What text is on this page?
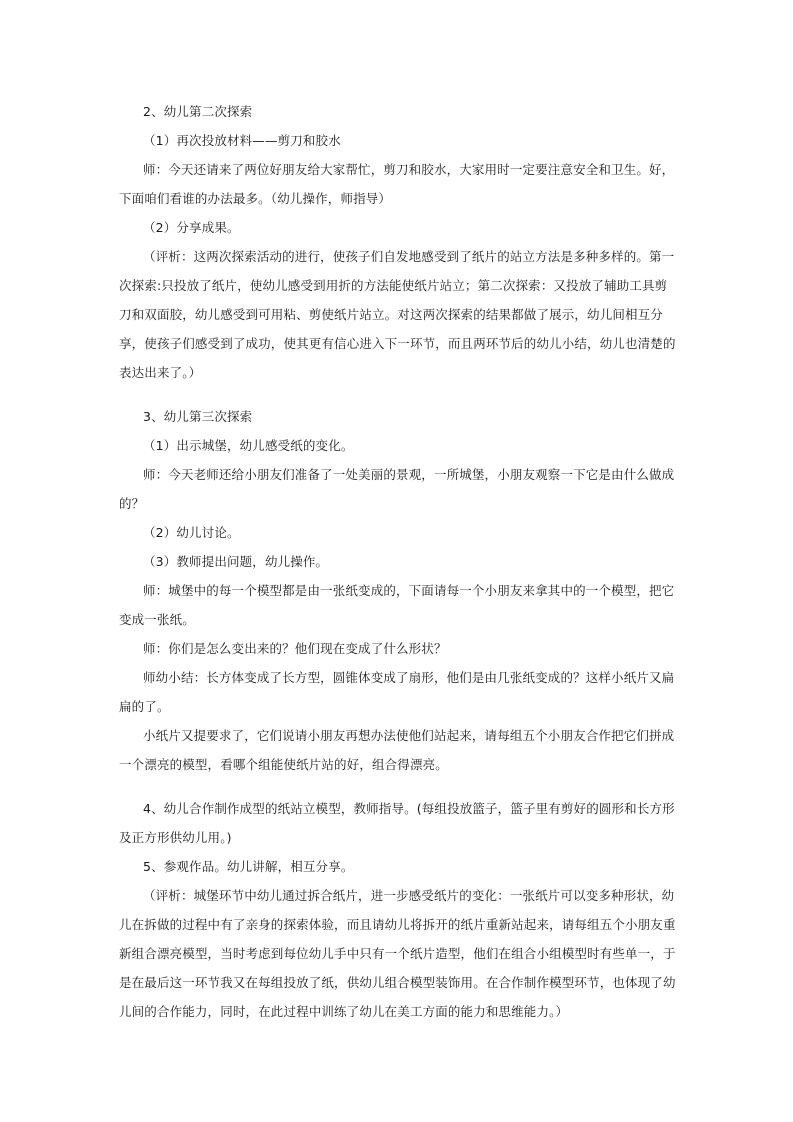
2、幼儿第二次探索

（1）再次投放材料——剪刀和胶水

师：今天还请来了两位好朋友给大家帮忙，剪刀和胶水，大家用时一定要注意安全和卫生。好，下面咱们看谁的办法最多。（幼儿操作，师指导）

（2）分享成果。

（评析：这两次探索活动的进行，使孩子们自发地感受到了纸片的站立方法是多种多样的。第一次探索:只投放了纸片，使幼儿感受到用折的方法能使纸片站立；第二次探索：又投放了辅助工具剪刀和双面胶，幼儿感受到可用粘、剪使纸片站立。对这两次探索的结果都做了展示，幼儿间相互分享，使孩子们感受到了成功，使其更有信心进入下一环节，而且两环节后的幼儿小结，幼儿也清楚的表达出来了。）

3、幼儿第三次探索

（1）出示城堡，幼儿感受纸的变化。

师：今天老师还给小朋友们准备了一处美丽的景观，一所城堡，小朋友观察一下它是由什么做成的？

（2）幼儿讨论。

（3）教师提出问题，幼儿操作。

师：城堡中的每一个模型都是由一张纸变成的，下面请每一个小朋友来拿其中的一个模型，把它变成一张纸。

师：你们是怎么变出来的？他们现在变成了什么形状？

师幼小结：长方体变成了长方型，圆锥体变成了扇形，他们是由几张纸变成的？这样小纸片又扁扁的了。

小纸片又提要求了，它们说请小朋友再想办法使他们站起来，请每组五个小朋友合作把它们拼成一个漂亮的模型，看哪个组能使纸片站的好，组合得漂亮。

4、幼儿合作制作成型的纸站立模型，教师指导。(每组投放篮子，篮子里有剪好的圆形和长方形及正方形供幼儿用。)

5、参观作品。幼儿讲解，相互分享。

（评析：城堡环节中幼儿通过拆合纸片，进一步感受纸片的变化：一张纸片可以变多种形状，幼儿在拆做的过程中有了亲身的探索体验，而且请幼儿将拆开的纸片重新站起来，请每组五个小朋友重新组合漂亮模型，当时考虑到每位幼儿手中只有一个纸片造型，他们在组合小组模型时有些单一，于是在最后这一环节我又在每组投放了纸，供幼儿组合模型装饰用。在合作制作模型环节，也体现了幼儿间的合作能力，同时，在此过程中训练了幼儿在美工方面的能力和思维能力。）
